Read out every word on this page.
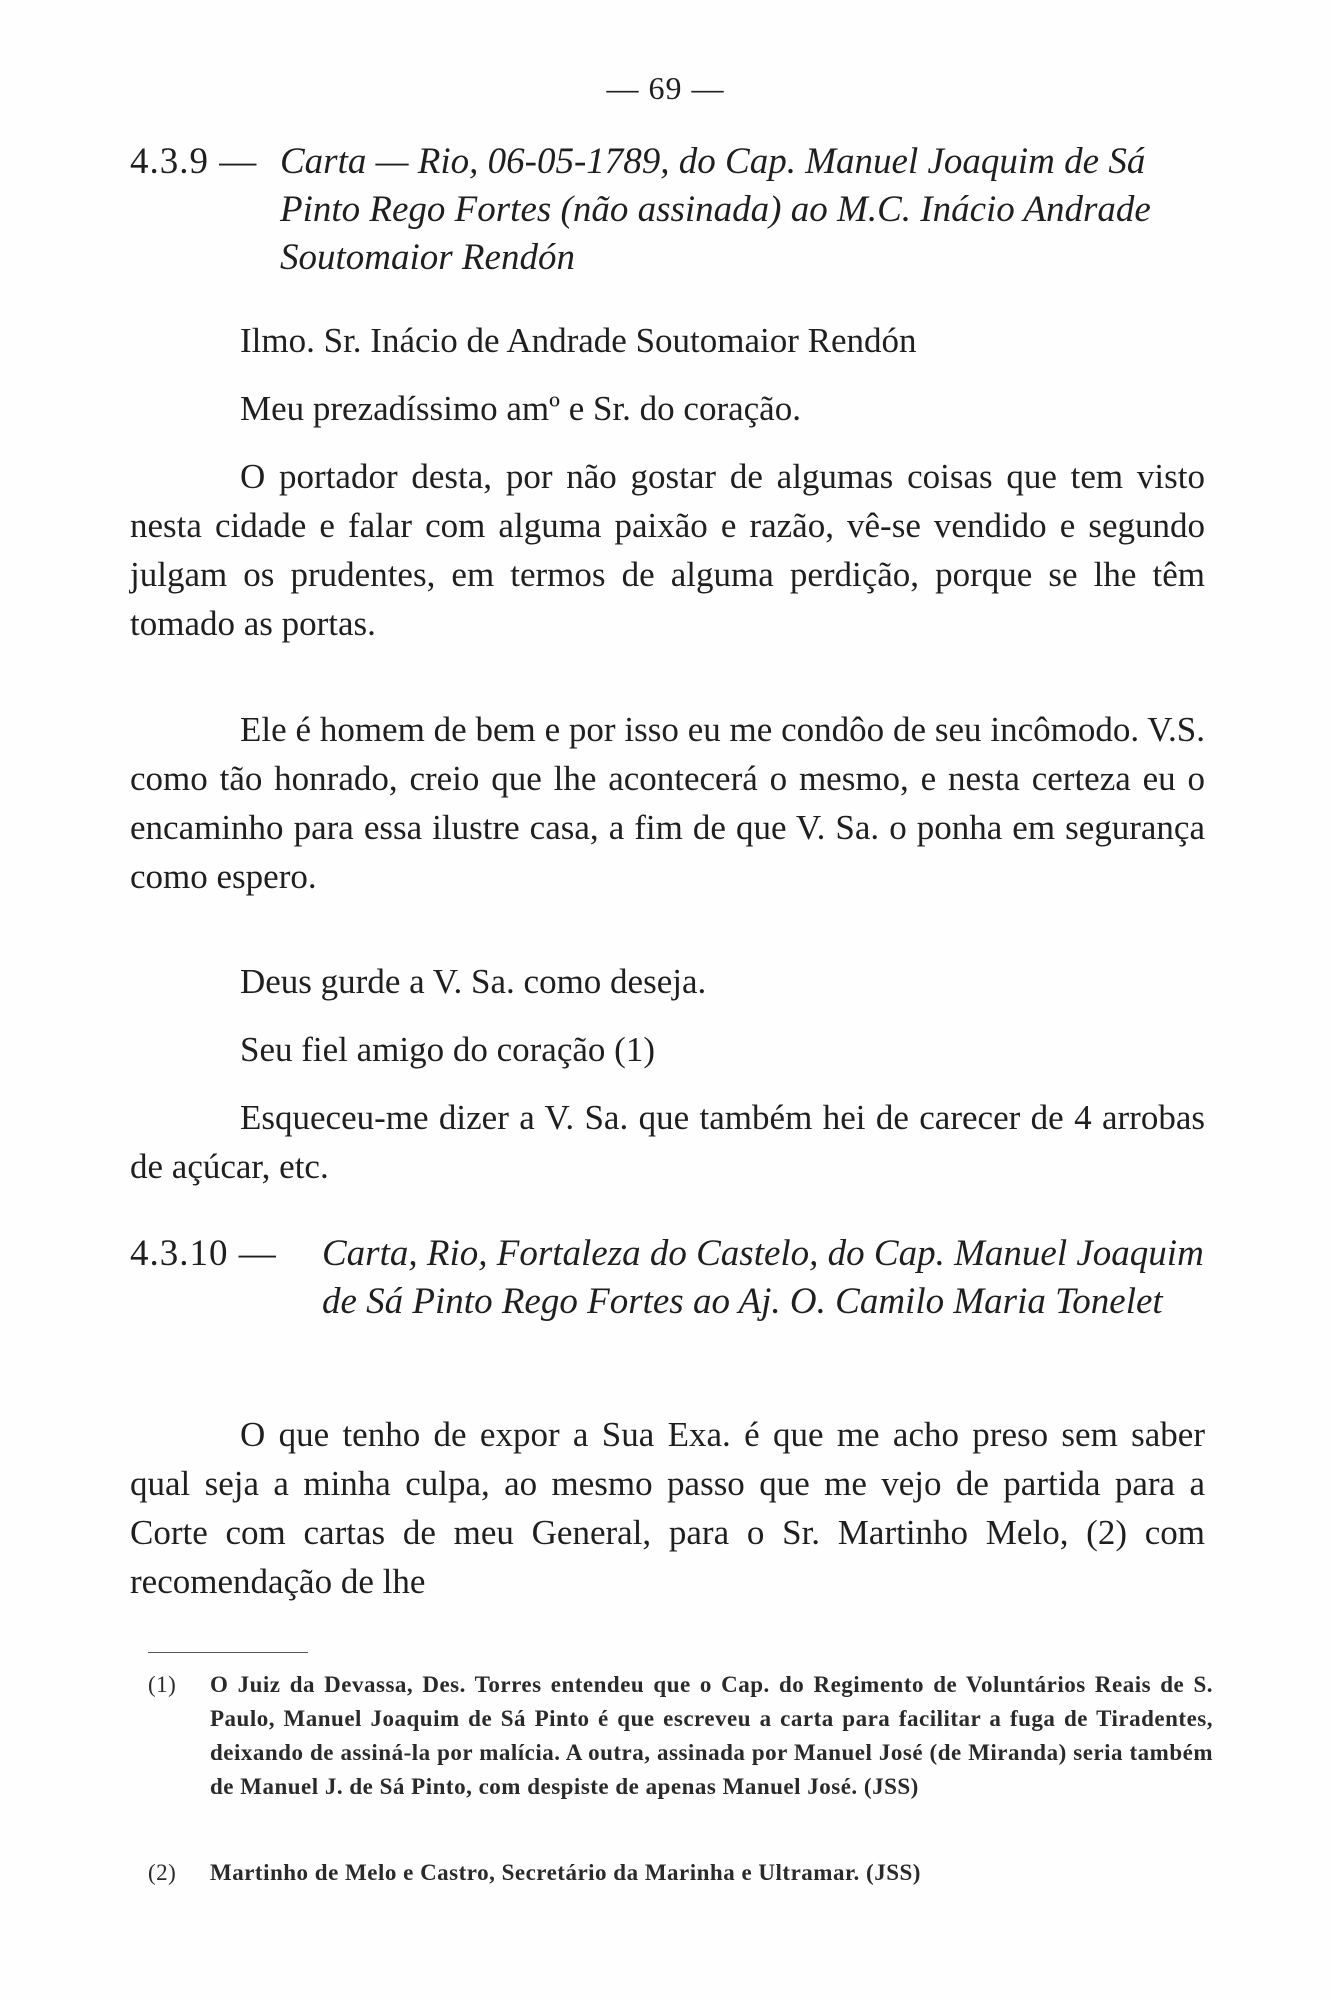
— 69 —
4.3.9 — Carta — Rio, 06-05-1789, do Cap. Manuel Joaquim de Sá Pinto Rego Fortes (não assinada) ao M.C. Inácio Andrade Soutomaior Rendón

Ilmo. Sr. Inácio de Andrade Soutomaior Rendón

Meu prezadíssimo amº e Sr. do coração.

O portador desta, por não gostar de algumas coisas que tem visto nesta cidade e falar com alguma paixão e razão, vê-se vendido e segundo julgam os prudentes, em termos de alguma perdição, porque se lhe têm tomado as portas.

Ele é homem de bem e por isso eu me condôo de seu incômodo. V.S. como tão honrado, creio que lhe acontecerá o mesmo, e nesta certeza eu o encaminho para essa ilustre casa, a fim de que V. Sa. o ponha em segurança como espero.

Deus gurde a V. Sa. como deseja.

Seu fiel amigo do coração (1)

Esqueceu-me dizer a V. Sa. que também hei de carecer de 4 arrobas de açúcar, etc.

4.3.10 — Carta, Rio, Fortaleza do Castelo, do Cap. Manuel Joaquim de Sá Pinto Rego Fortes ao Aj. O. Camilo Maria Tonelet

O que tenho de expor a Sua Exa. é que me acho preso sem saber qual seja a minha culpa, ao mesmo passo que me vejo de partida para a Corte com cartas de meu General, para o Sr. Martinho Melo, (2) com recomendação de lhe

(1) O Juiz da Devassa, Des. Torres entendeu que o Cap. do Regimento de Voluntários Reais de S. Paulo, Manuel Joaquim de Sá Pinto é que escreveu a carta para facilitar a fuga de Tiradentes, deixando de assiná-la por malícia. A outra, assinada por Manuel José (de Miranda) seria também de Manuel J. de Sá Pinto, com despiste de apenas Manuel José. (JSS)
(2) Martinho de Melo e Castro, Secretário da Marinha e Ultramar. (JSS)
